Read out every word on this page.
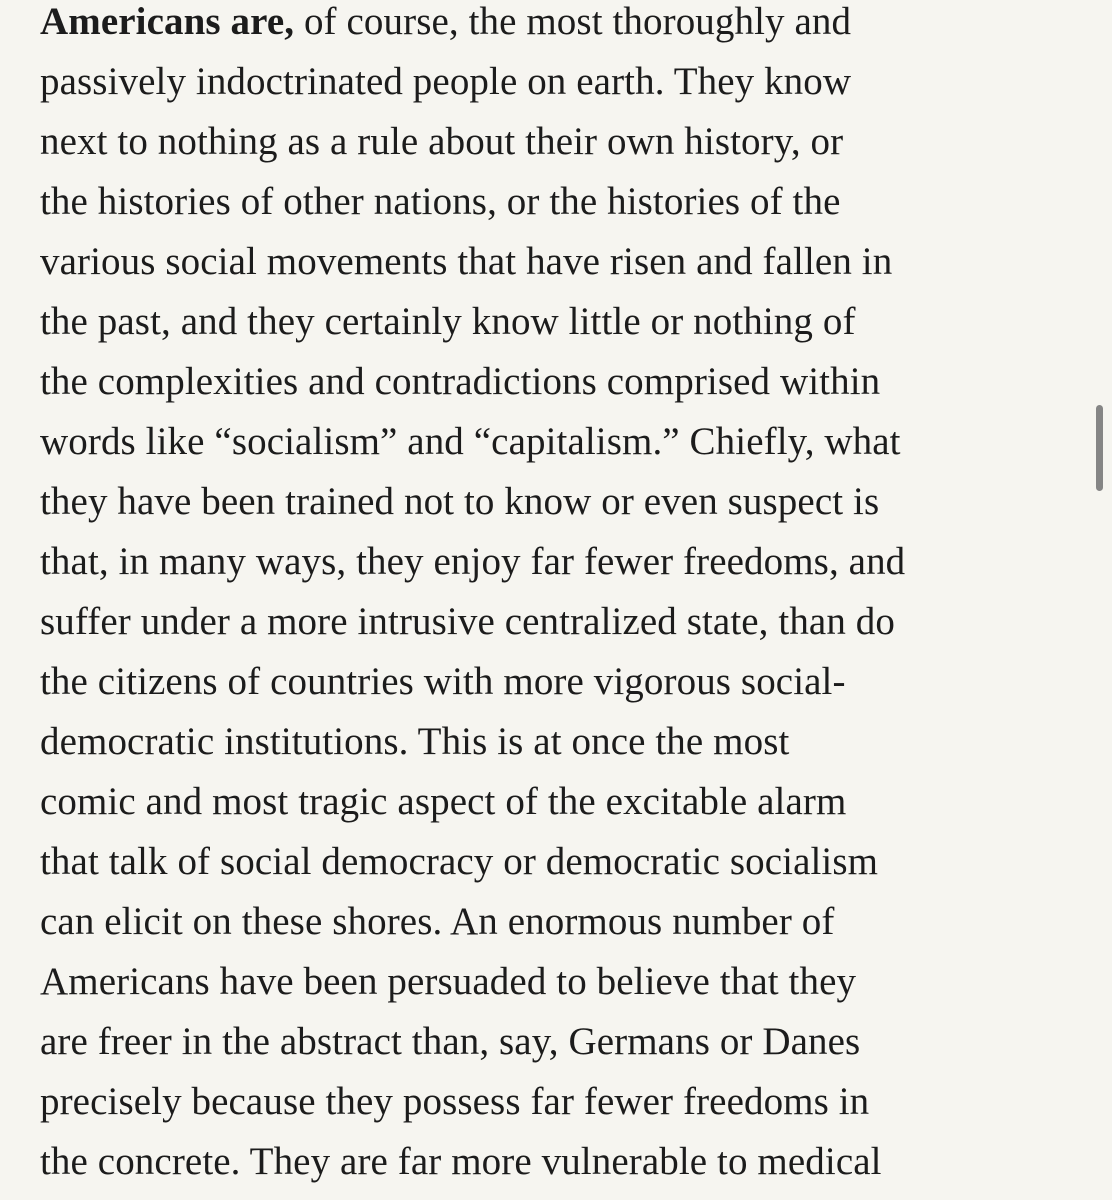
Americans are, of course, the most thoroughly and
passively indoctrinated people on earth. They know
next to nothing as a rule about their own history, or
the histories of other nations, or the histories of the
various social movements that have risen and fallen in
the past, and they certainly know little or nothing of
the complexities and contradictions comprised within
words like “socialism” and “capitalism.” Chiefly, what
they have been trained not to know or even suspect is
that, in many ways, they enjoy far fewer freedoms, and
suffer under a more intrusive centralized state, than do
the citizens of countries with more vigorous social-
democratic institutions. This is at once the most
comic and most tragic aspect of the excitable alarm
that talk of social democracy or democratic socialism
can elicit on these shores. An enormous number of
Americans have been persuaded to believe that they
are freer in the abstract than, say, Germans or Danes
precisely because they possess far fewer freedoms in
the concrete. They are far more vulnerable to medical
